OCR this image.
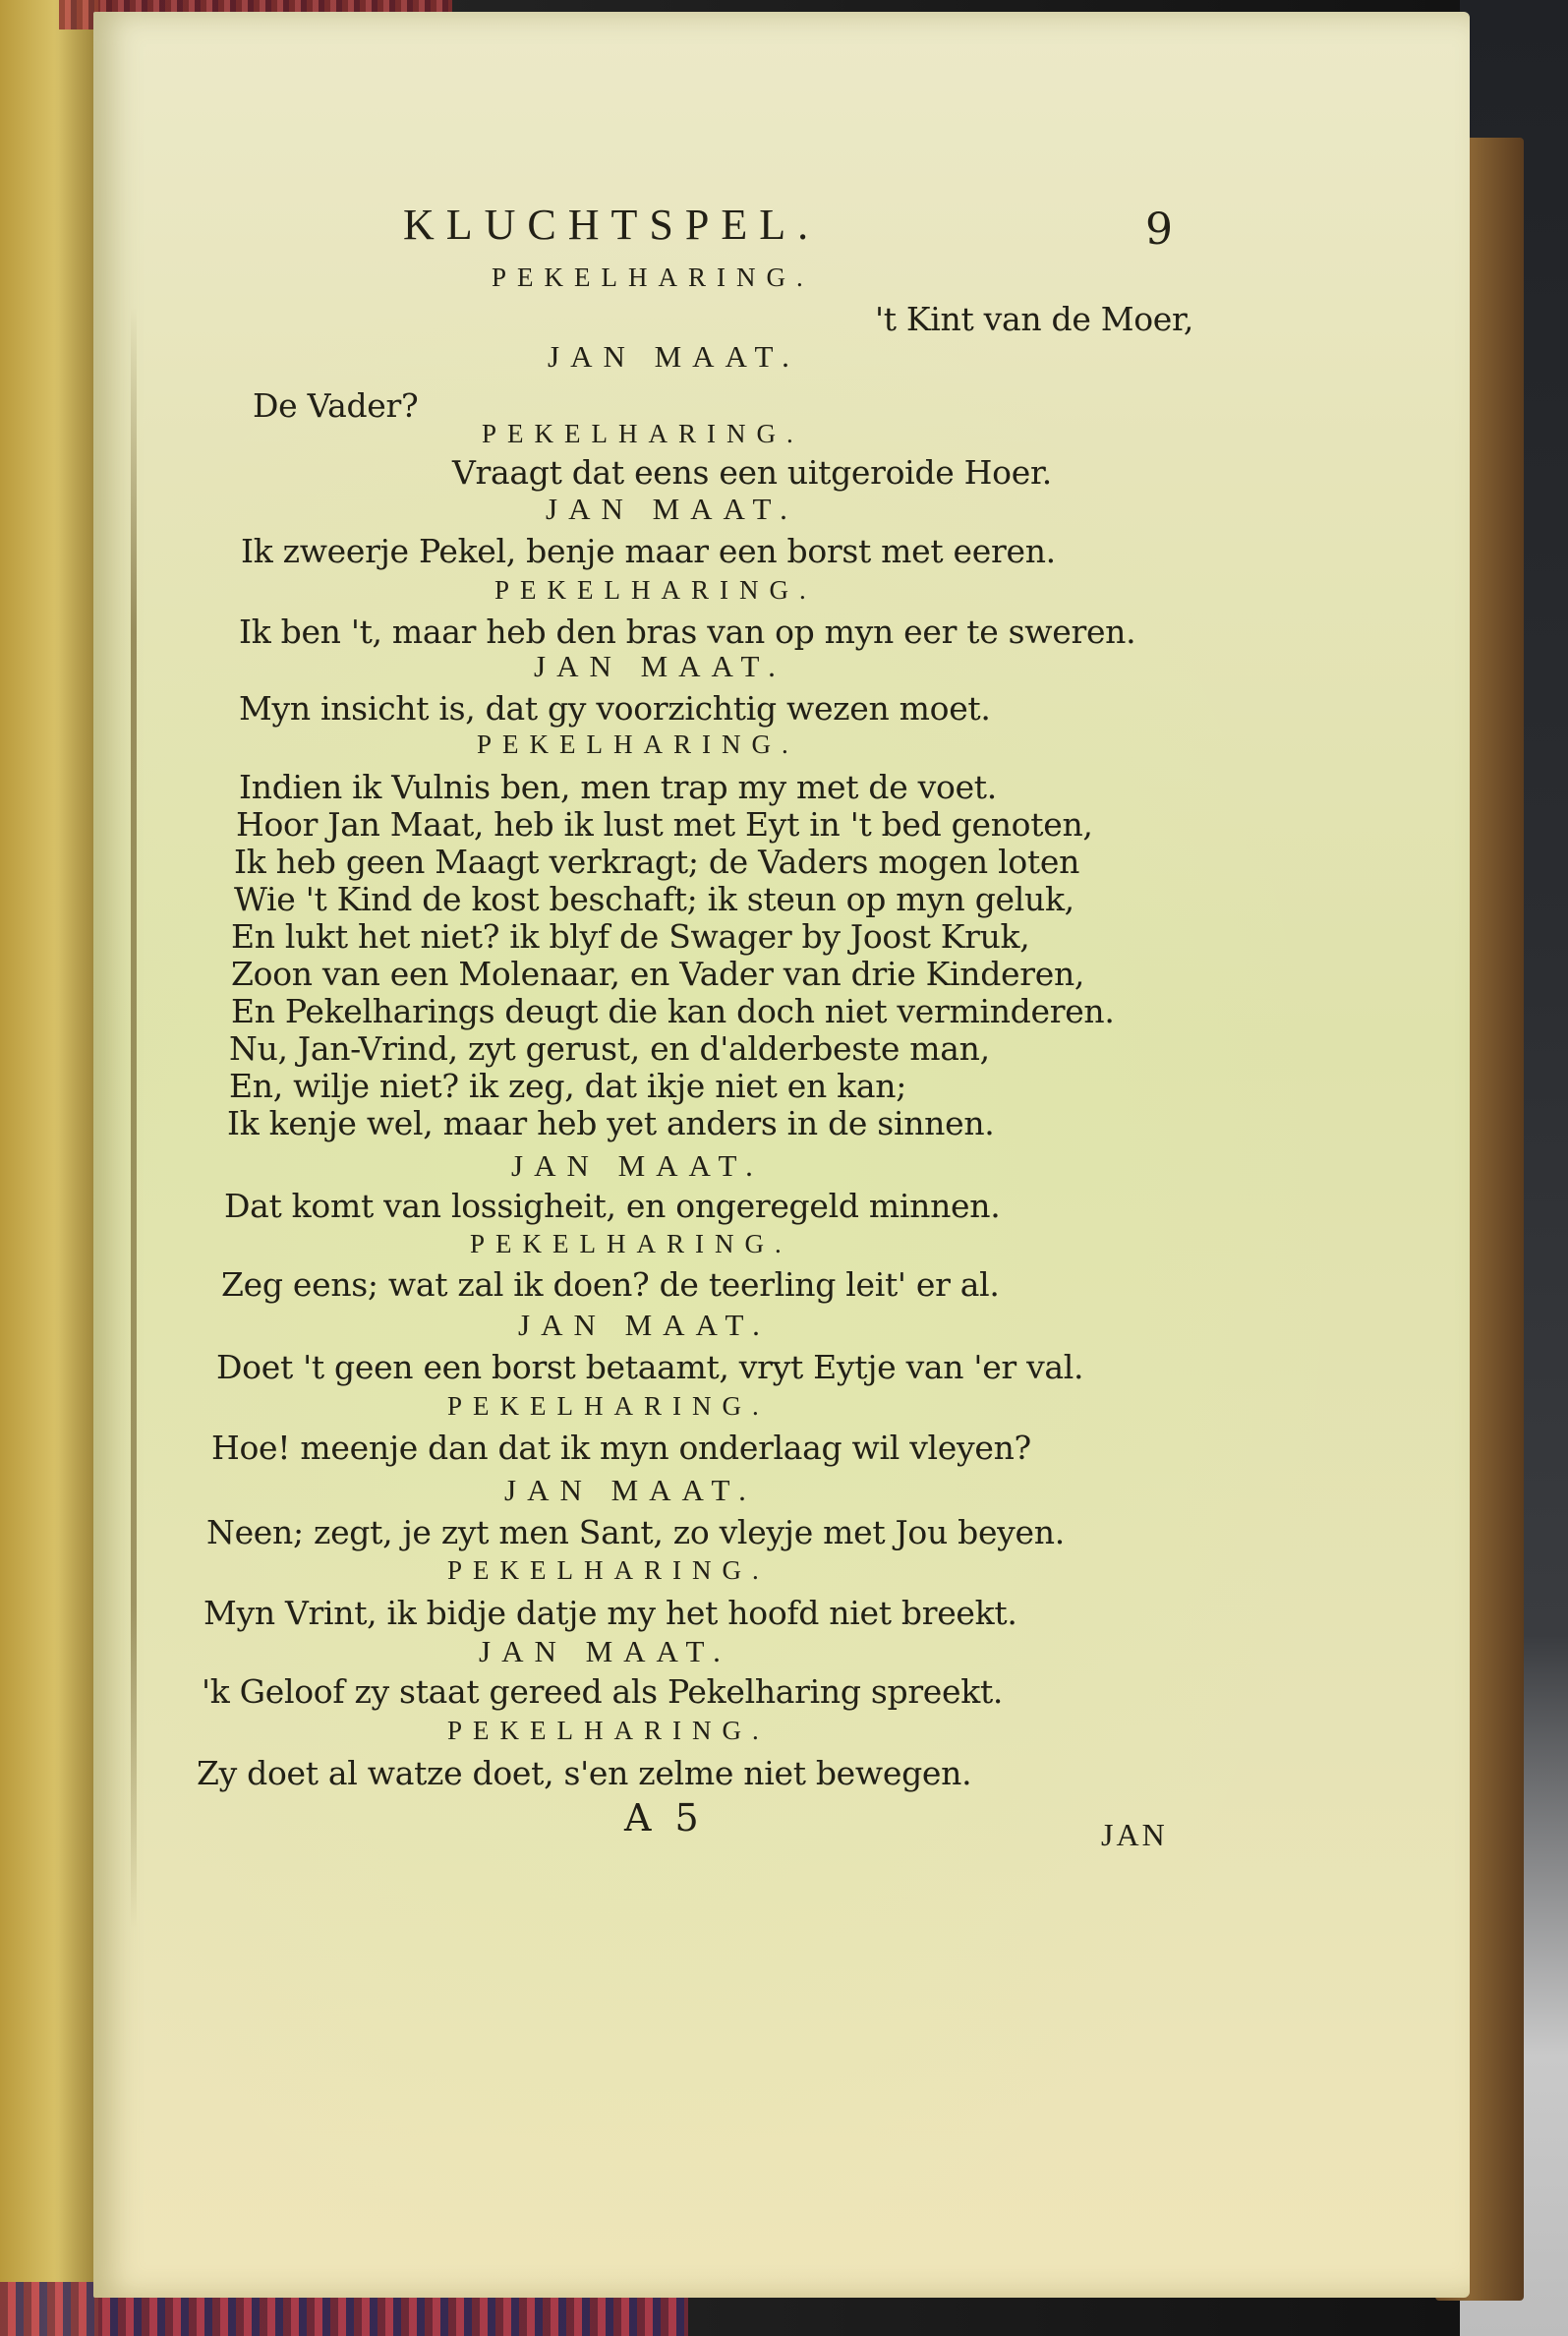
KLUCHTSPEL.	9
PEKELHARING.
't Kint van de Moer,
JAN MAAT.
De Vader?
PEKELHARING.
Vraagt dat eens een uitgeroide Hoer.
JAN MAAT.
Ik zweerje Pekel, benje maar een borst met eeren.
PEKELHARING.
Ik ben 't, maar heb den bras van op myn eer te sweren.
JAN MAAT.
Myn insicht is, dat gy voorzichtig wezen moet.
PEKELHARING.
Indien ik Vulnis ben, men trap my met de voet.
Hoor Jan Maat, heb ik lust met Eyt in 't bed genoten,
Ik heb geen Maagt verkragt; de Vaders mogen loten
Wie 't Kind de kost beschaft; ik steun op myn geluk,
En lukt het niet? ik blyf de Swager by Joost Kruk,
Zoon van een Molenaar, en Vader van drie Kinderen,
En Pekelharings deugt die kan doch niet verminderen.
Nu, Jan-Vrind, zyt gerust, en d'alderbeste man,
En, wilje niet? ik zeg, dat ikje niet en kan;
Ik kenje wel, maar heb yet anders in de sinnen.
JAN MAAT.
Dat komt van lossigheit, en ongeregeld minnen.
PEKELHARING.
Zeg eens; wat zal ik doen? de teerling leit' er al.
JAN MAAT.
Doet 't geen een borst betaamt, vryt Eytje van 'er val.
PEKELHARING.
Hoe! meenje dan dat ik myn onderlaag wil vleyen?
JAN MAAT.
Neen; zegt, je zyt men Sant, zo vleyje met Jou beyen.
PEKELHARING.
Myn Vrint, ik bidje datje my het hoofd niet breekt.
JAN MAAT.
'k Geloof zy staat gereed als Pekelharing spreekt.
PEKELHARING.
Zy doet al watze doet, s'en zelme niet bewegen.
A 5	JAN
